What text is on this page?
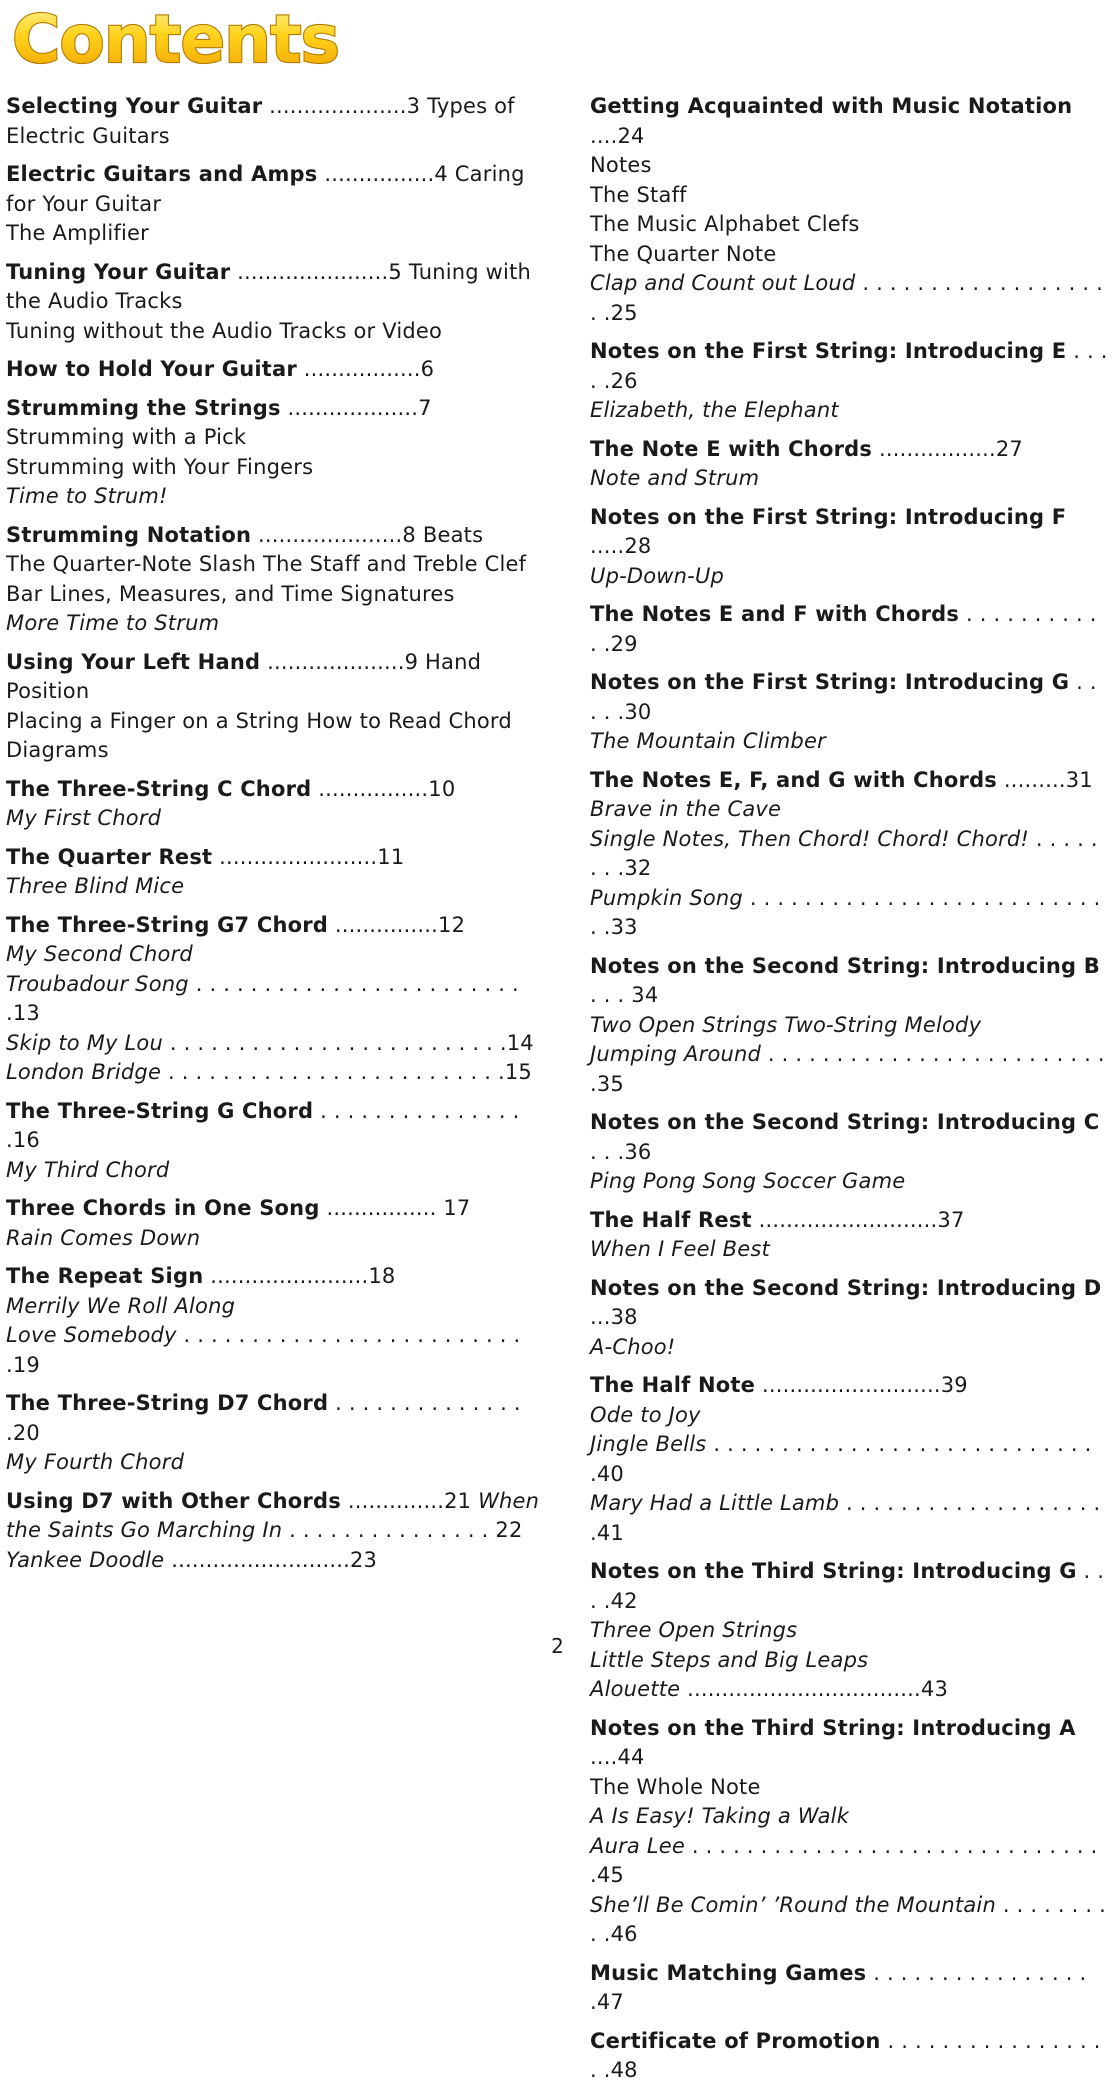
Contents
Selecting Your Guitar ....................3 Types of Electric Guitars
Electric Guitars and Amps ................4 Caring for Your Guitar
The Amplifier
Tuning Your Guitar ......................5 Tuning with the Audio Tracks
Tuning without the Audio Tracks or Video
How to Hold Your Guitar .................6
Strumming the Strings ...................7 Strumming with a Pick
Strumming with Your Fingers
Time to Strum!
Strumming Notation .....................8 Beats
The Quarter-Note Slash The Staff and Treble Clef
Bar Lines, Measures, and Time Signatures
More Time to Strum
Using Your Left Hand ....................9 Hand Position
Placing a Finger on a String How to Read Chord Diagrams
The Three-String C Chord ................10
My First Chord
The Quarter Rest .......................11
Three Blind Mice
The Three-String G7 Chord ...............12
My Second Chord
Troubadour Song . . . . . . . . . . . . . . . . . . . . . . . . .13
Skip to My Lou . . . . . . . . . . . . . . . . . . . . . . . . .14
London Bridge . . . . . . . . . . . . . . . . . . . . . . . . .15
The Three-String G Chord . . . . . . . . . . . . . . . .16
My Third Chord
Three Chords in One Song ................ 17
Rain Comes Down
The Repeat Sign .......................18
Merrily We Roll Along
Love Somebody . . . . . . . . . . . . . . . . . . . . . . . . . .19
The Three-String D7 Chord . . . . . . . . . . . . . . .20
My Fourth Chord
Using D7 with Other Chords ..............21 When the Saints Go Marching In . . . . . . . . . . . . . . . 22 Yankee Doodle ..........................23
Getting Acquainted with Music Notation ....24
Notes
The Staff
The Music Alphabet Clefs
The Quarter Note
Clap and Count out Loud . . . . . . . . . . . . . . . . . . . .25
Notes on the First String: Introducing E . . . . .26
Elizabeth, the Elephant
The Note E with Chords .................27
Note and Strum
Notes on the First String: Introducing F .....28
Up-Down-Up
The Notes E and F with Chords . . . . . . . . . . . .29
Notes on the First String: Introducing G . . . . .30
The Mountain Climber
The Notes E, F, and G with Chords .........31
Brave in the Cave
Single Notes, Then Chord! Chord! Chord! . . . . . . . .32
Pumpkin Song . . . . . . . . . . . . . . . . . . . . . . . . . . . .33
Notes on the Second String: Introducing B . . . 34
Two Open Strings Two-String Melody
Jumping Around . . . . . . . . . . . . . . . . . . . . . . . . . .35
Notes on the Second String: Introducing C . . .36
Ping Pong Song Soccer Game
The Half Rest ..........................37
When I Feel Best
Notes on the Second String: Introducing D ...38
A-Choo!
The Half Note ..........................39
Ode to Joy
Jingle Bells . . . . . . . . . . . . . . . . . . . . . . . . . . . . .40
Mary Had a Little Lamb . . . . . . . . . . . . . . . . . . . .41
Notes on the Third String: Introducing G . . . .42
Three Open Strings
Little Steps and Big Leaps
Alouette ..................................43
Notes on the Third String: Introducing A ....44
The Whole Note
A Is Easy! Taking a Walk
Aura Lee . . . . . . . . . . . . . . . . . . . . . . . . . . . . . . .45
She’ll Be Comin’ ’Round the Mountain . . . . . . . . . .46
Music Matching Games . . . . . . . . . . . . . . . . .47
Certificate of Promotion . . . . . . . . . . . . . . . . . .48
2
